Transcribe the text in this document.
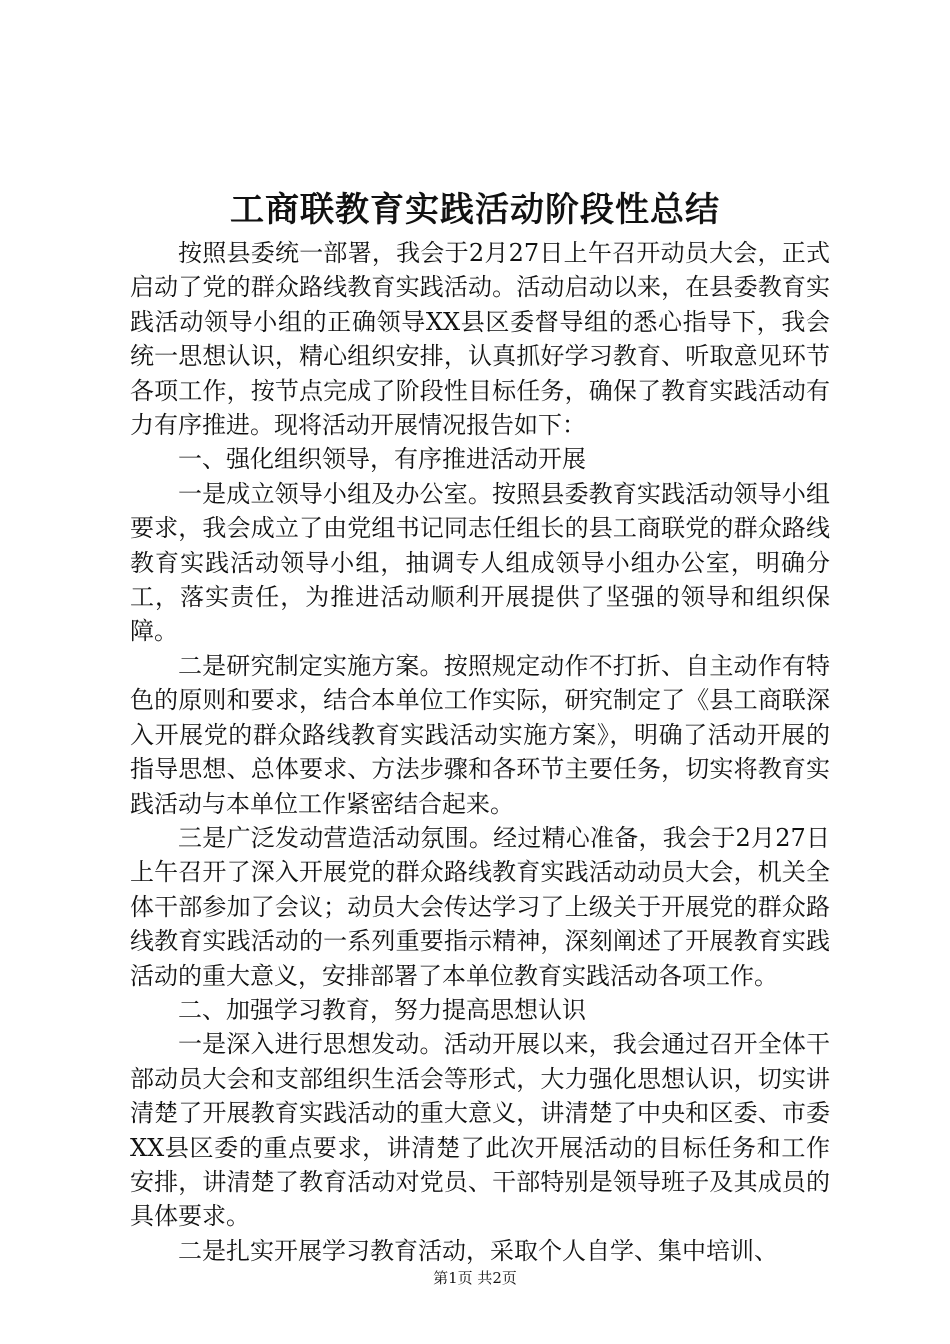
工商联教育实践活动阶段性总结

按照县委统一部署，我会于2月27日上午召开动员大会，正式启动了党的群众路线教育实践活动。活动启动以来，在县委教育实践活动领导小组的正确领导XX县区委督导组的悉心指导下，我会统一思想认识，精心组织安排，认真抓好学习教育、听取意见环节各项工作，按节点完成了阶段性目标任务，确保了教育实践活动有力有序推进。现将活动开展情况报告如下：

一、强化组织领导，有序推进活动开展

一是成立领导小组及办公室。按照县委教育实践活动领导小组要求，我会成立了由党组书记同志任组长的县工商联党的群众路线教育实践活动领导小组，抽调专人组成领导小组办公室，明确分工，落实责任，为推进活动顺利开展提供了坚强的领导和组织保障。

二是研究制定实施方案。按照规定动作不打折、自主动作有特色的原则和要求，结合本单位工作实际，研究制定了《县工商联深入开展党的群众路线教育实践活动实施方案》，明确了活动开展的指导思想、总体要求、方法步骤和各环节主要任务，切实将教育实践活动与本单位工作紧密结合起来。

三是广泛发动营造活动氛围。经过精心准备，我会于2月27日上午召开了深入开展党的群众路线教育实践活动动员大会，机关全体干部参加了会议；动员大会传达学习了上级关于开展党的群众路线教育实践活动的一系列重要指示精神，深刻阐述了开展教育实践活动的重大意义，安排部署了本单位教育实践活动各项工作。

二、加强学习教育，努力提高思想认识

一是深入进行思想发动。活动开展以来，我会通过召开全体干部动员大会和支部组织生活会等形式，大力强化思想认识，切实讲清楚了开展教育实践活动的重大意义，讲清楚了中央和区委、市委XX县区委的重点要求，讲清楚了此次开展活动的目标任务和工作安排，讲清楚了教育活动对党员、干部特别是领导班子及其成员的具体要求。

二是扎实开展学习教育活动，采取个人自学、集中培训、

第1页 共2页
